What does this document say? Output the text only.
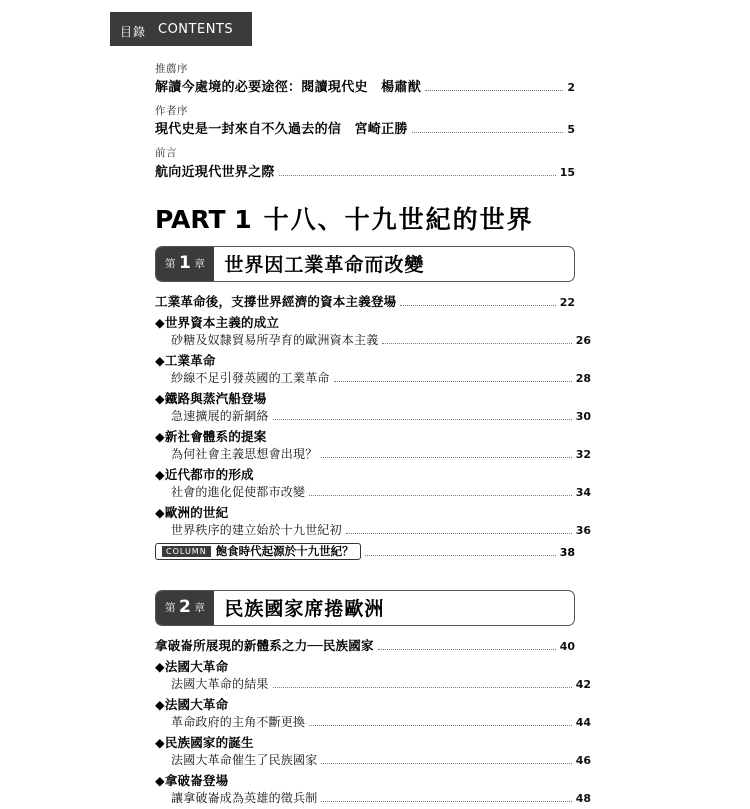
目錄 CONTENTS
推薦序
解讀今處境的必要途徑：閱讀現代史　楊肅猷	2
作者序
現代史是一封來自不久過去的信　宮崎正勝	5
前言
航向近現代世界之際	15
PART 1 十八、十九世紀的世界
第 1 章	世界因工業革命而改變
工業革命後，支撐世界經濟的資本主義登場	22
◆世界資本主義的成立
砂糖及奴隸貿易所孕育的歐洲資本主義	26
◆工業革命
紗線不足引發英國的工業革命	28
◆鐵路與蒸汽船登場
急速擴展的新網絡	30
◆新社會體系的提案
為何社會主義思想會出現？	32
◆近代都市的形成
社會的進化促使都市改變	34
◆歐洲的世紀
世界秩序的建立始於十九世紀初	36
COLUMN 飽食時代起源於十九世紀？	38
第 2 章	民族國家席捲歐洲
拿破崙所展現的新體系之力──民族國家	40
◆法國大革命
法國大革命的結果	42
◆法國大革命
革命政府的主角不斷更換	44
◆民族國家的誕生
法國大革命催生了民族國家	46
◆拿破崙登場
讓拿破崙成為英雄的徵兵制	48
